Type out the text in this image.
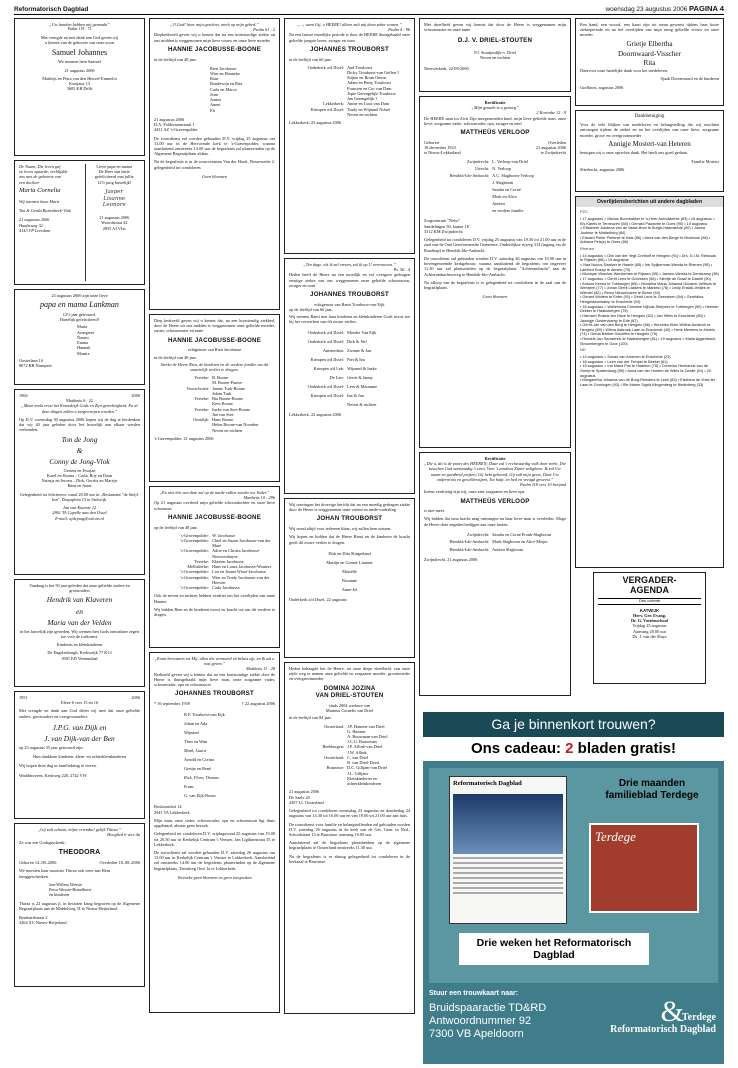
Reformatorisch Dagblad	woensdag 23 augustus 2006 PAGINA 4
„Uw handen hebben mij gemaakt”
Psalm 119 : 73
Met vreugde en met dank aan God geven wij
u kennis van de geboorte van onze zoon
Samuel Johannes
We noemen hem Samuel
21 augustus 2006
Matthijs en Petra van den Heuvel-Emmelot
Koetjaux 13
3605 KR Delft
De Naam, Die leven gaf
en leven spaarde, verblijdde
ons met de geboorte van
een dochter
Maria Cornelia
Wij noemen haar Marit
Ton & Gerda Ruitenbeek-Vink
21 augustus 2006
Haaftsweg 32
4143 VP Leerdam
Lieve papa en mama
De Heer van harte
gefeliciteerd met jullie
12½ jarig huwelijk!
Jasper
Lisanne
Leonore
21 augustus 2006
Woordstraat 32
2855 AJ Vlas
23 augustus 2006 zijn onze lieve
papa en mama Lankman
12½ jaar getrouwd.
Hartelijk gefeliciteerd!
Maria
Arnegreet
Naomi
Emma
Hannah
Marnix
Oosterlaan 16
8072 BB Nunspeet
1966	2006
Mattheüs 6 : 22
„Maar zoekt eerst het Koninkrijk Gods en Zijn gerechtigheid, En al deze dingen zullen u toegeworpen worden.”
Op D.V. woensdag 30 augustus 2006 hopen wij de dag te herdenken dat wij 40 jaar geleden door het huwelijk aan elkaar werden verbonden.
Ton de Jong
&
Conny de Jong-Vlok
Gerieta en Ewajan
Karel en Jhoma – Carla, Roy en Daan
Natasja en Jeroen – Dirk, Gerrita en Marrije
Hans en Anne
Gelegenheid tot feliciteren: vanaf 20.00 uur in „Restaurant "de Steijl-Inn", Dorpsplein 15 te Stolwijk.
Jan van Kuurstr 12
2861 TA Capelle aan den IJssel
E-mail: ajdejong@solcon.nl
Vandaag is het 50 jaar geleden dat onze geliefde ouders en grootouders
Hendrik van Klaveren
en
Maria van der Velden
in het huwelijk zijn getreden. Wij wensen hen Gods onmisbare zegen toe voor de toekomst.
Kinderen en kleinkinderen
De Engelenburgh, Kerkweijk 77 K13
3901 ED Veenendaal
1951	2006
Efeze 6 vers 15 en 16
Met vreugde en dank aan God delen wij mee dat onze geliefde ouders, grootouders en overgrootouders
J.P.G. van Dijk en
J. van Dijk-van der Ben
op 23 augustus 55 jaar getrouwd zijn.
Hun dankbare kinderen, klein- en achterkleinkinderen
Wij hopen deze dag in familiekring te vieren.
Waddinxveen, Kerkweg 228, 2742 VW
„Gij zult schoon, mijne vriendin! gelijk Thirza.”
Hooglied 6 vers 4a
Ze was een Godsgeschenk;
THEODORA
Geboren 14–08–2006	Overleden 18–08–2006
We moesten haar mooitste Thirza ook weer aan Hem teruggeschenken.
Jan-Willem Wessie
Petra Wessie-Brandhorst
en kinderen
Thirza is 22 augustus jl. in besloten kring begraven op de Algemene Begraafplaats aan de Middelweg 31 te Nieuw-Beijerland.
Bernhardstraat 2
3264 XC Nieuw-Beijerland
„O God! hoor mijn geschrei, merk op mijn gebed.”
Psalm 61 : 2
Diepbedroefd geven wij u kennis dat na een kortstondige ziekte uit ons midden is weggenomen mijn lieve vrouw en onze lieve moeder
HANNIE JACOBUSSE-BOONE
in de leeftijd van 48 jaar.
Rien Jacobusse
Wim en Hanneke
Rian
Boudewijn en Rita
Carla en Marco
Joan
Joniea
Annet
Eli
21 augustus 2006
D.A. Poldermanstraat 1
4431 AZ 's-Gravenpolder
De rouwdienst zal worden gehouden D.V. vrijdag 25 augustus om 13.00 uur in de Hervormde kerk te 's-Gravenpolder, waarna aansluitend omstreeks 14.00 uur de begrafenis zal plaatsvinden op de Algemene Begraafplaats aldaar.
Na de begrafenis is in de rouwcentrum Van der Hoeft, Bosseweide 2, gelegenheid tot condoleren.
Geen bloemen
Diep bedroefd geven wij u kennis dat, na een kortstondig ziekbed, door de Heere uit ons midden is weggenomen onze geliefde moeder, zuster, schoonzuster en tante
HANNIE JACOBUSSE-BOONE
echtgenote van Rien Jacobusse
in de leeftijd van 48 jaar.
Sterke de Heere Rien, de kinderen en de verdere familie om dit smartelijk verlies te dragen.
Yerseke: B. Boone
M. Boone-Pauwe
Voorschoten: Jannie Turk-Boone
Johan Turk
Yerseke: Ria Boone-Boone
Kees Boone
Yerseke: Ineke van Stee-Boone
Jan van Stee
Oostdijk: Hans Boone
Helen Boone-van Noorden
Neven en nichten
's-Gravenpolder, 21 augustus 2006
„En niet één van deze zal op de aarde vallen zonder uw Vader.”
Mattheüs 10 : 29b
Op 21 augustus overleed mijn geliefde schoondochter en onze lieve schoonzus
HANNIE JACOBUSSE-BOONE
op de leeftijd van 48 jaar.
's-Gravenpolder: W. Jacobusse
's-Gravenpolder: Chiel en Suzan Jacobusse-van der Mare
's-Gravenpolder: Adrie en Christa Jacobusse-Nieuwenhuyse
Yerseke: Klazien Jacobusse
Melliskerke: Hans en Loura Jacobusse-Wouters
's-Gravenpolder: Lou en Jeanet Wisse-Jacobusse
's-Gravenpolder: Wim en Trudy Jacobusse-van der Hoeven
's-Gravenpolder: Carla Jacobusse
Ook de neven en nichten hebben verdriet om het overlijden van tante Hannie.
Wij bidden Rien en de kinderen troost en kracht toe om dit verdriet te dragen.
„Komt herwaarts tot Mij, allen die vermoeid en belast zijt, en Ik zal u rust geven.”
Mattheüs 11 : 28
Bedroefd geven wij u kennis dat na een kortstondige ziekte door de Heere is thuisgehaald mijn lieve man, onze zorgzame vader, schoonvader, opa en schoonzoon
JOHANNES TROUBORST
* 16 september 1939	† 22 augustus 2006
B.F. Trouborst-van Eijk
Johan en Ada
Wijnand
Theo en Wim
Mark, Laura
Arnold en Corina
Grettje en René
Rick, Floor, Thomas
Frans
G. van Eijk-Boom
Bosboomhof 14
2941 TA Lekkerkerk
Mijn man, onze vader, schoonvader, opa en schoonzoon ligt thuis opgebaard, alwaar geen bezoek.
Gelegenheid tot condoleren D.V. vrijdagavond 25 augustus van 19.00 tot 20.30 uur in Kerkelijk Centrum 't Venster, Jan Ligthartstraat 35 te Lekkerkerk.
De rouwdienst zal worden gehouden D.V. zaterdag 26 augustus om 13.00 uur in Kerkelijk Centrum 't Venster te Lekkerkerk. Aansluitend zal omstreeks 14.00 uur de begrafenis plaatsvinden op de algemene begraafplaats, Tiendweg Oost 1a te Lekkerkerk.
Verzoeke geen bloemen en geen toespraken
„...; want Gij, o HEERE! alleen zult mij doen zeker wonen.”
Psalm 4 : 9b
Na een laatste moeilijke periode is door de HEERE thuisgehaald onze geliefde jongste broer, zwager en oom
JOHANNES TROUBORST
in de leeftijd van 66 jaar.
Ouderkerk a/d IJssel: Aad Trouborst
Dicky Trouborst-van Geffen †
Stijnie en Bram Omon
Adam en Betty Trouborst
Francien en Cor van Dam
Jopie Gerengelijk-Trouborst
Jan Gerengelijk †
Lekkerkerk: Annie en Luus van Dam
Krimpen a/d IJssel: Trudy en Wijnand Nobel
Neven en nichten
Lekkerkerk, 23 augustus 2006
„Ten dage, als ik zal vrezen, zal ik op U vertrouwen.”
Ps. 56 : 4
Heden heeft de Heere na een moeilijk en vol overgave gedragen ernstige ziekte van ons weggenomen onze geliefde schoonzoon, zwager en oom
JOHANNES TROUBORST
echtgenoot van Rami Trouborst-van Eijk
op de leeftijd van 66 jaar.
Wij wensen Rami met haar kinderen en kleinkinderen Gods troost toe bij het verwerken van dit zware verlies.
Ouderkerk a/d IJssel: Moeder Van Eijk
Ouderkerk a/d IJssel: Dirk & Nel
Amsterdam: Zwanie & Jan
Krimpen a/d IJssel: Piet & Ina
Krimpen a/d Lek: Wijnand & Ineke
De Lier: Gerrit & Janny
Ouderkerk a/d IJssel: Lees & Marianne
Krimpen a/d IJssel: Ina & Jan
Neven & nichten
Lekkerkerk, 22 augustus 2006
Wij ontvingen het droevige bericht dat na een moedig gedragen ziekte door de Heere is weggenomen onze vriend en mede-ouderling
JOHAN TROUBORST
Wij stond altijd voor iedereen klaar, wij zullen hem missen.
Wij hopen en bidden dat de Heere Rami en de kinderen de kracht geeft dit zware verlies te dragen.
Dirk en Dita Slingerland
Martijn en Connie Lisanne
Mariëlle
Rosanne
Anne-Jet
Ouderkerk a/d IJssel, 22 augustus
Heden behaagde het de Heere, tot onze diepe droefheid, van onze zijde weg te nemen onze geliefde en zorgzame moeder, grootmoeder en overgrootmoeder
DOMINA JOZINA
VAN DRIEL-STOUTEN
sinds 2004 weduwe van
Marinus Cornelis van Driel
in de leeftijd van 84 jaar.
Oosterland: J.P. Hanzen-van Driel
G. Hanzen
A. Bouwman-van Driel
J.C.G. Bouwman
Beekbergen: J.P. Aflink-van Driel
J.W. Aflink
Oosterland: C. van Driel
B. van Driel-Dorst
Bruinisse: D.C. Gilljam-van Driel
J.L. Gilljam
Kleinkinderen en achterkleinkinderen
21 augustus 2006
De Saele 20
4307 LL Oosterland
Gelegenheid tot condoleren woensdag 23 augustus en donderdag 24 augustus van 14.30 tot 16.00 uur en van 19.00 tot 21.00 uur aan huis.
De rouwdienst voor familie en belangstellenden zal gehouden worden D.V. zaterdag 26 augustus in de kerk van de Ger. Gem. in Ned., Schoolstraat 13 te Bruinisse, aanvang 10.00 uur.
Aansluitend zal de begrafenis plaatshebben op de algemene begraafplaats te Oosterland omstreeks 11.30 uur.
Na de begrafenis is er alsnog gelegenheid tot condoleren in de kerkzaal te Bruinisse.
Met droefheid geven wij kennis dat door de Heere is weggenomen mijn schoonzuster en onze tante
D.J. V. DRIEL-STOUTEN
P.J. Stoutjesdijk-v. Driel
Neven en nichten
Nieuwerkerk, 22-08-2006
Rectificatie
„Mijn genade is u genoeg”
2 Korinthe 12 : 9
De HEERE nam tot Zich Zijn morgenroeden kind, mijn lieve geliefde man, onze lieve, zorgzame vader, schoonvader, opa, zwager en neef
MATTHEÜS VERLOOP
Geboren
18 december 1923
te Nieuw-Lekkerland
Overleden
21 augustus 2006
te Zwijndrecht
Zwijndrecht: L. Verloop-van Driel
Utrecht: N. Verloop
Hendrik-Ido-Ambacht: A.C. Slagboom-Verloop
J. Slagboom
Sandra en Corné
Mark en Alice
Andrea
en verdere familie
Zorgcentrum "Nebo"
Sandelingen 50, kamer 18
3312 KM Zwijndrecht
Gelegenheid tot condoleren D.V. vrijdag 25 augustus van 19.30 tot 21.00 uur in de zaal van de Oud Gereformeerde Gemeente, Onderdijkse rijweg 314 (ingang via de Raadtrap) te Hendrik-Ido-Ambacht.
De rouwdienst zal gehouden worden D.V. zaterdag 26 augustus om 10.00 uur in bovengenoemde kerkgebouw, waarna aansluitend de begrafenis om ongeveer 11.30 uur zal plaatsvinden op de begraafplaats "Achterambacht" aan de Achterambachtseweg te Hendrik-Ido-Ambacht.
Na afloop van de begrafenis is er gelegenheid tot condoleren in de zaal van de begraafplaats.
Geen bloemen
Rectificatie
„Die u, dit is de poort des HEEREN; Daar zal 't rechtvaardig volk door treên, Die tusschen God aanstaadig 't even, Voor 't zondoos Zijner zaligheen. Ik zal Uw naam en goedheid prijzen; Gij hebt gehoord, Gij zult mijn geest, Door Uw ontferm'nis en gewelbewijzen, Tot hulp, en heil en vreugd geweest.”
Psalm 118 vers 10 berijmd
Intens verdrietig zijn wij, onze zeer zorgzame en lieve opa
MATTHEÜS VERLOOP
is niet meer.
Wij bidden dat oma kracht mag ontvangen nu haar lieve man is overleden. Moge de Heere deze zegeden bedijgen aan onze harten.
Zwijndrecht: Sandra en Corné Pronk-Slagboom
Hendrik-Ido-Ambacht: Mark Slagboom en Alice Meijer
Hendrik-Ido-Ambacht: Andrea Slagboom
Zwijndrecht, 21 augustus 2006
Een hand, een woord, een kaart zijn tot steun geweest tijdens haar korte ziekteperiode en na het overlijden van mijn innig geliefde vrouw en onze moeder
Grietje Elbertha
Doornwaard-Visscher
Rita
Daarvoor onze hartelijke dank voor het medeleven.
Sjaak Doornwaard en de kinderen
Grafhorst, augustus 2006
Dankbetuiging
Voor de vele blijken van medeleven en belangstelling die wij mochten ontvangen tijdens de ziekte en na het overlijden van onze lieve, zorgzame moeder, groot- en overgrootmoeder
Annigje Mostert-van Heteren
betuigen wij u onze oprechte dank. Het heeft ons goed gedaan.
Familie Mostert
Sliedrecht, augustus 2006
Overlijdensberichten uit andere dagbladen
PZC
• 17 augustus = Marius Boonhakker te 's-Heer Arendskerke (83) • 18 augustus = Els Karels te Terneuzen (58) • Gerrard Pauwvee te Goes (90) • 19 augustus
= Elisabeth Johanna van de Vaate-Bom te Burgh-Haamstede (60) • Josina Jookeur te Middelburg (84)
• Eduard Pieter Pieterse te Kats (85) • Anna van den Berge te Bruinisse (86) • Adriana Pels(s) te Goes (86)
Rhenen
• 14 augustus = Dini van der Vegt-Crethoff te Hengelo (91) • Drs. G.I.M. Rebusas te Rijssen (66) • 19 augustus
= Naa Nuhus-Swalver te Haarle (65) • Ine Spijkerman-Wenda te Rhenen (95) • Lambert Koesp te Almelo (79)
• Monique Visscher-Wenkeman te Rijssen (55) • Jansen-Wenda te Denekamp (38) • 17 augustus = Gerrit Lens te Goorssen (56) • Sientje de Graaf te Daarle (90)
• Antoon Kenna te Tubbergen (65) • Hendrika Maria Johanna Goosink-Velthuis te Wehrprel (77) • Johan Gerrit Lakkers te Markelo (78) • Leidy Enslak-Velijes te Wierdel (82) • Remy Nieuwhuizen te Borne (54)
• Gerard Wolters te Enter (91) • Gerrit Lens te Geesteren (54) • Gerritdina Hengeldwonkamp te Enschede (93)
• 18 augustus = Wilhelmina Christine Nijhuis-Steijvers te Tubbergen (90) • Herman Dekker te Haaksbergen (75)
• Harmien Rosink-ten Have te Hengelo (62) • Jan Hilles te Enschede (80) • Jannigje Oostervkamp te Ede (87)
• Gerrit-Jan van den Berg te Hengelo (66) • Hendrika Klein-Willink-Amsinck te Hengelo (89) • Wilma Asbroek-Laan te Enschede (49) • Henk Mentens te Almelo (74) • Gerda Bekker-Schaften te Hengelo (75)
• Hendrik Jan Senwerink te Haaksbergen (81) • 19 augustus = Maria Aggenbach-Stroombergen te Goor (100)
ND
• 14 augustus = Susan van Amerom te Enschede (23)
• 18 augustus = Leen van der Tempel te Beekel (61)
• 19 augustus = Ina Maria Pos te Haarlem (78) • Cornelus Hermanus van de Greep te Spakenburg (89) • Anna van der Horden-de Wiles te Zwolle (91) • 20 augustus
• Margaretha Johanna van de Burg-Reinders te Leek (83) • Elsebina de Vries ter Laan te Groningen (93) • Rie Maren Sigrid Klingenberg te Nederberg (33)
VERGADER-
AGENDA
Deo volente
KATWIJK
Herv. Ger. Evang.
Dr. G. Voetiusschool
Vrijdag 25 augustus
Aanvang 20.00 uur
Ds. J. van der Sluys
Ga je binnenkort trouwen?
Ons cadeau: 2 bladen gratis!
Reformatorisch Dagblad
Terdege
Drie maanden familieblad Terdege
Drie weken het Reformatorisch Dagblad
Stuur een trouwkaart naar:
Bruidspaaractie TD&RD
Antwoordnummer 92
7300 VB Apeldoorn
&
Terdege
Reformatorisch Dagblad
